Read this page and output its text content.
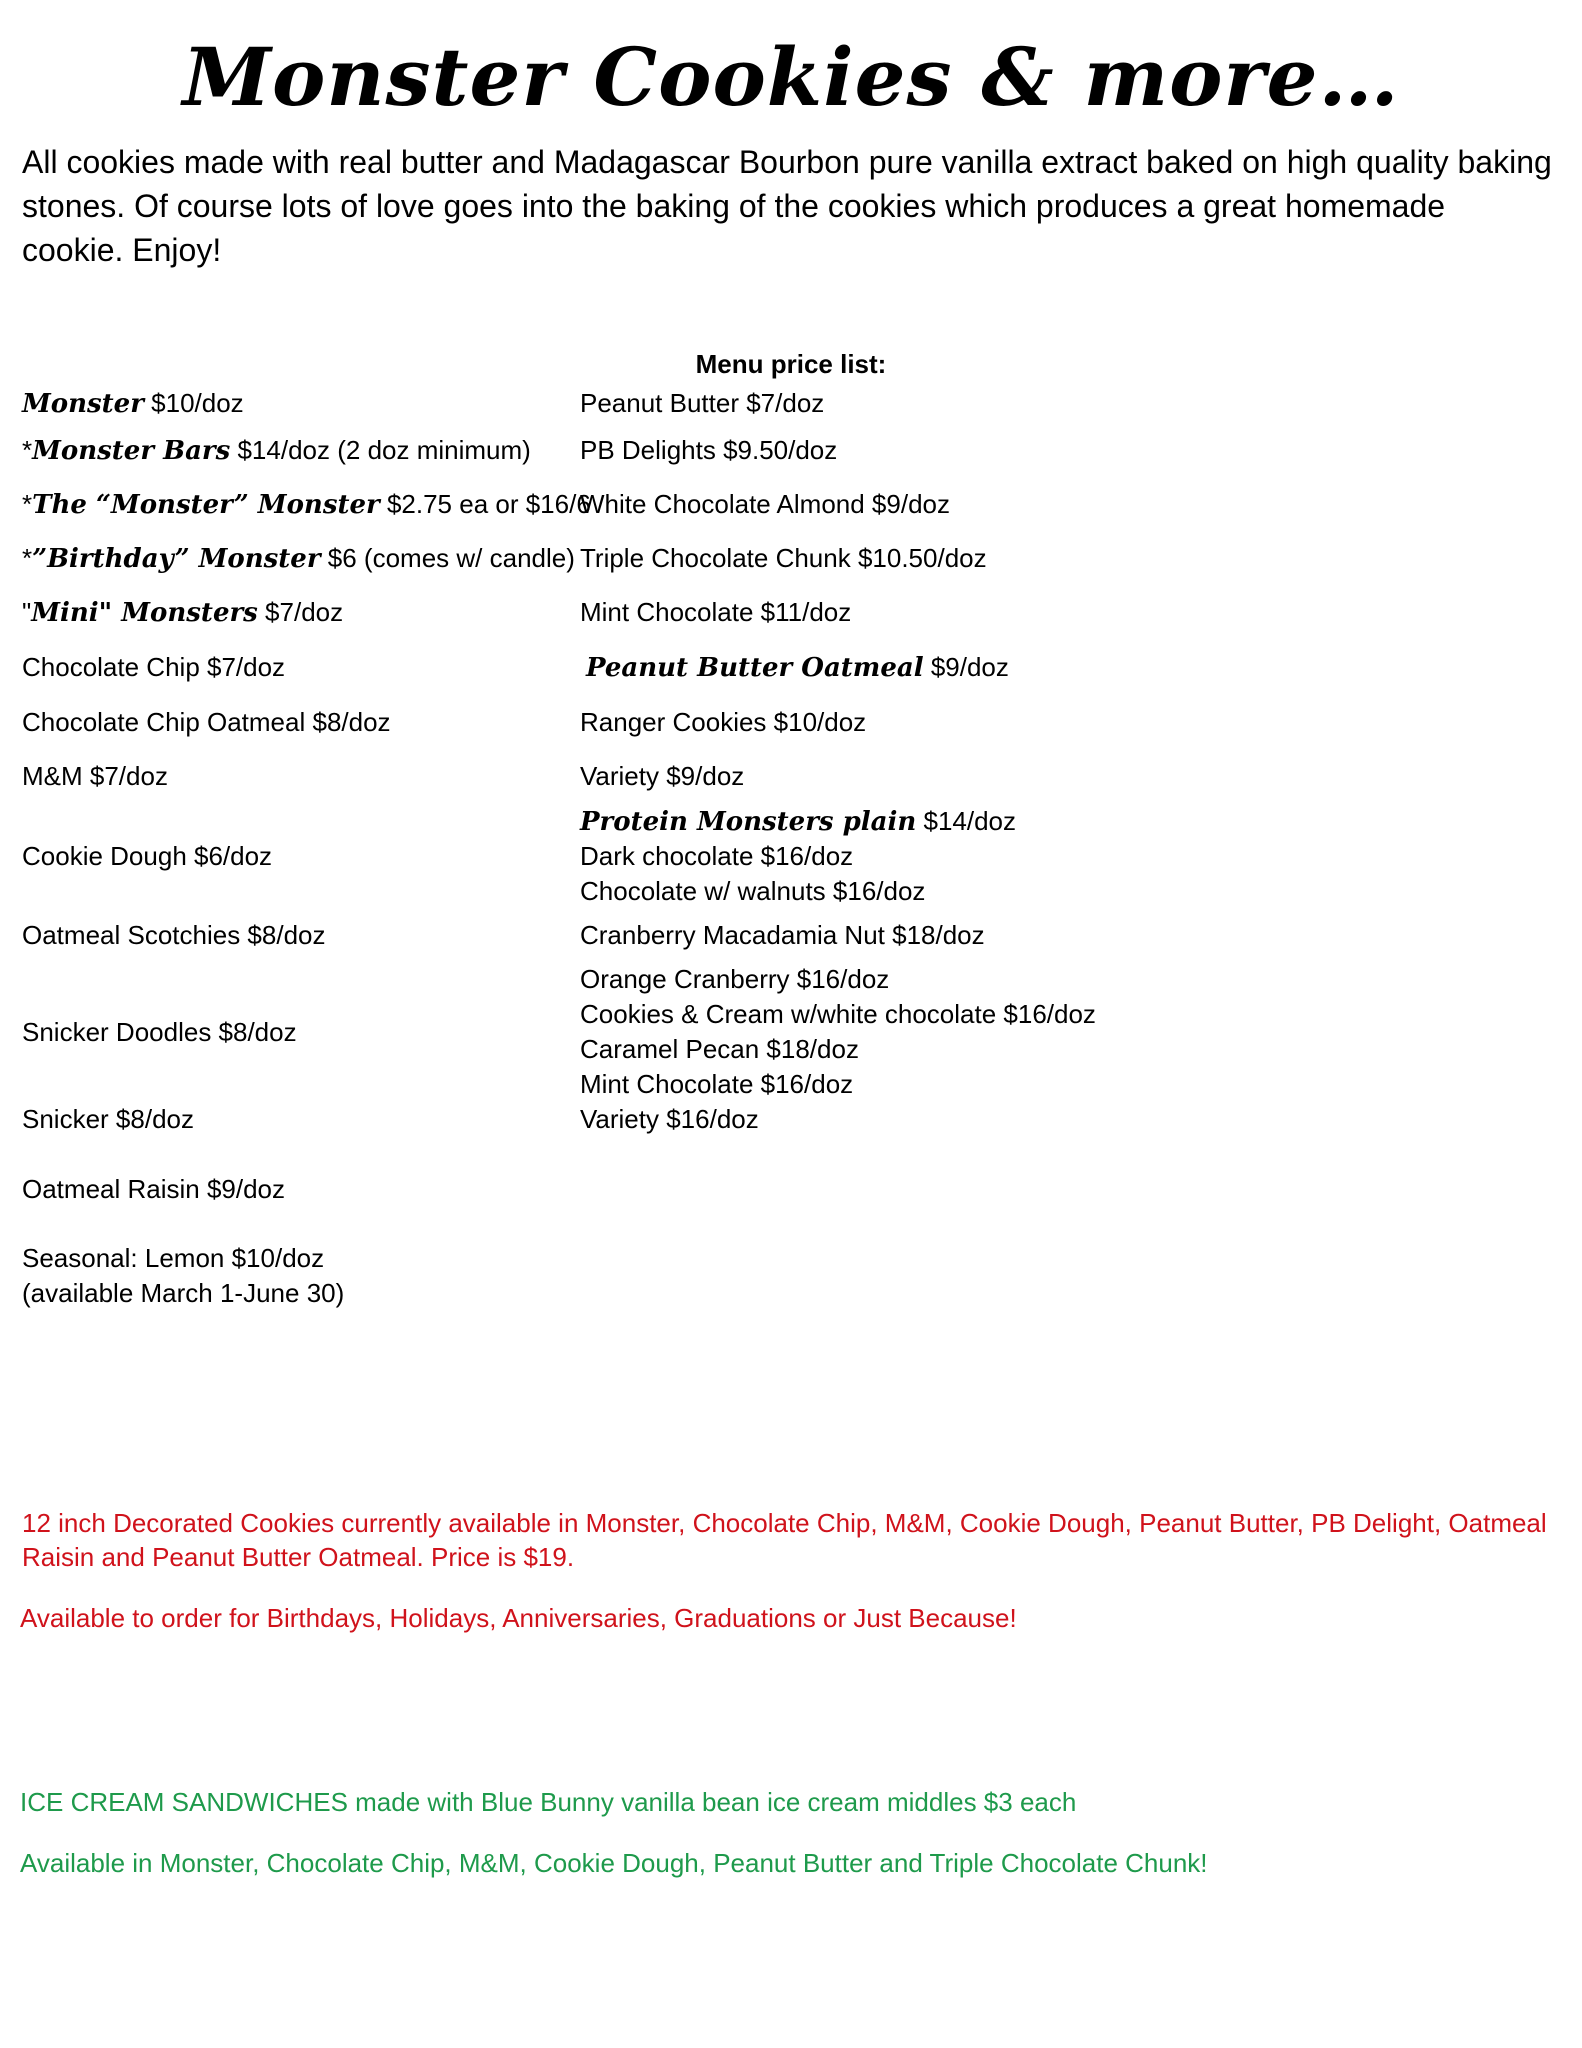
Monster Cookies & more…
All cookies made with real butter and Madagascar Bourbon pure vanilla extract baked on high quality baking stones. Of course lots of love goes into the baking of the cookies which produces a great homemade cookie. Enjoy!
Menu price list:
Monster $10/doz
*Monster Bars $14/doz (2 doz minimum)
*The “Monster” Monster $2.75 ea or $16/6
*”Birthday” Monster $6 (comes w/ candle)
"Mini" Monsters $7/doz
Chocolate Chip $7/doz
Chocolate Chip Oatmeal $8/doz
M&M $7/doz
Cookie Dough $6/doz
Oatmeal Scotchies $8/doz
Snicker Doodles $8/doz
Snicker $8/doz
Oatmeal Raisin $9/doz
Seasonal: Lemon $10/doz
(available March 1-June 30)
Peanut Butter $7/doz
PB Delights $9.50/doz
White Chocolate Almond $9/doz
Triple Chocolate Chunk $10.50/doz
Mint Chocolate $11/doz
Peanut Butter Oatmeal $9/doz
Ranger Cookies $10/doz
Variety $9/doz
Protein Monsters plain $14/doz
Dark chocolate $16/doz
Chocolate w/ walnuts $16/doz
Cranberry Macadamia Nut $18/doz
Orange Cranberry $16/doz
Cookies & Cream w/white chocolate $16/doz
Caramel Pecan $18/doz
Mint Chocolate $16/doz
Variety $16/doz
12 inch Decorated Cookies currently available in Monster, Chocolate Chip, M&M, Cookie Dough, Peanut Butter, PB Delight, Oatmeal Raisin and Peanut Butter Oatmeal. Price is $19.
Available to order for Birthdays, Holidays, Anniversaries, Graduations or Just Because!
ICE CREAM SANDWICHES made with Blue Bunny vanilla bean ice cream middles $3 each
Available in Monster, Chocolate Chip, M&M, Cookie Dough, Peanut Butter and Triple Chocolate Chunk!
